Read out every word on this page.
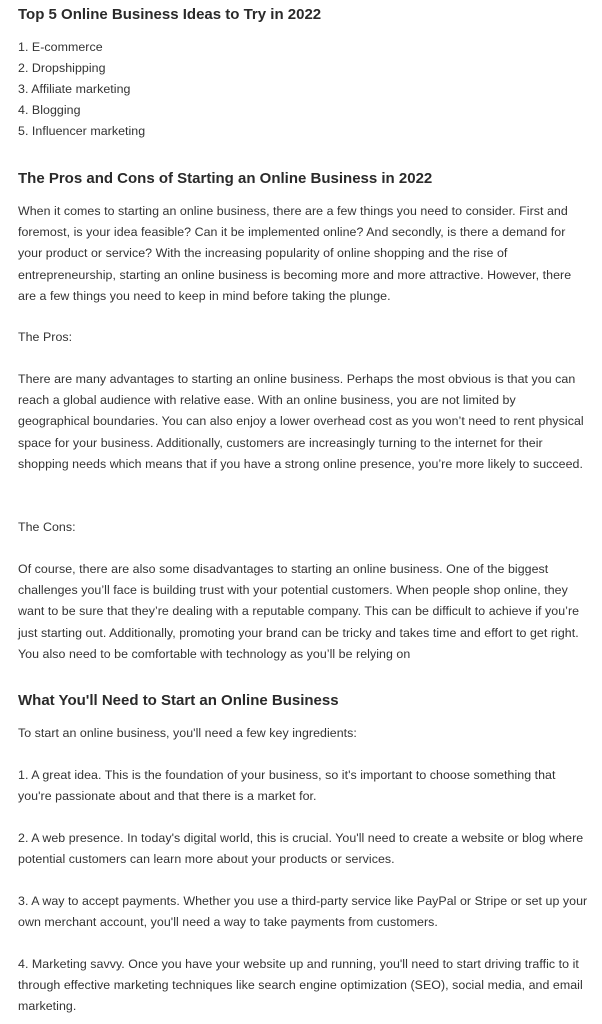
Top 5 Online Business Ideas to Try in 2022
1. E-commerce
2. Dropshipping
3. Affiliate marketing
4. Blogging
5. Influencer marketing
The Pros and Cons of Starting an Online Business in 2022

When it comes to starting an online business, there are a few things you need to consider. First and foremost, is your idea feasible? Can it be implemented online? And secondly, is there a demand for your product or service? With the increasing popularity of online shopping and the rise of entrepreneurship, starting an online business is becoming more and more attractive. However, there are a few things you need to keep in mind before taking the plunge.

The Pros:

There are many advantages to starting an online business. Perhaps the most obvious is that you can reach a global audience with relative ease. With an online business, you are not limited by geographical boundaries. You can also enjoy a lower overhead cost as you won’t need to rent physical space for your business. Additionally, customers are increasingly turning to the internet for their shopping needs which means that if you have a strong online presence, you’re more likely to succeed.

The Cons:

Of course, there are also some disadvantages to starting an online business. One of the biggest challenges you’ll face is building trust with your potential customers. When people shop online, they want to be sure that they’re dealing with a reputable company. This can be difficult to achieve if you’re just starting out. Additionally, promoting your brand can be tricky and takes time and effort to get right. You also need to be comfortable with technology as you’ll be relying on

What You'll Need to Start an Online Business

To start an online business, you'll need a few key ingredients:

1. A great idea. This is the foundation of your business, so it's important to choose something that you're passionate about and that there is a market for.

2. A web presence. In today's digital world, this is crucial. You'll need to create a website or blog where potential customers can learn more about your products or services.

3. A way to accept payments. Whether you use a third-party service like PayPal or Stripe or set up your own merchant account, you'll need a way to take payments from customers.

4. Marketing savvy. Once you have your website up and running, you'll need to start driving traffic to it through effective marketing techniques like search engine optimization (SEO), social media, and email marketing.
